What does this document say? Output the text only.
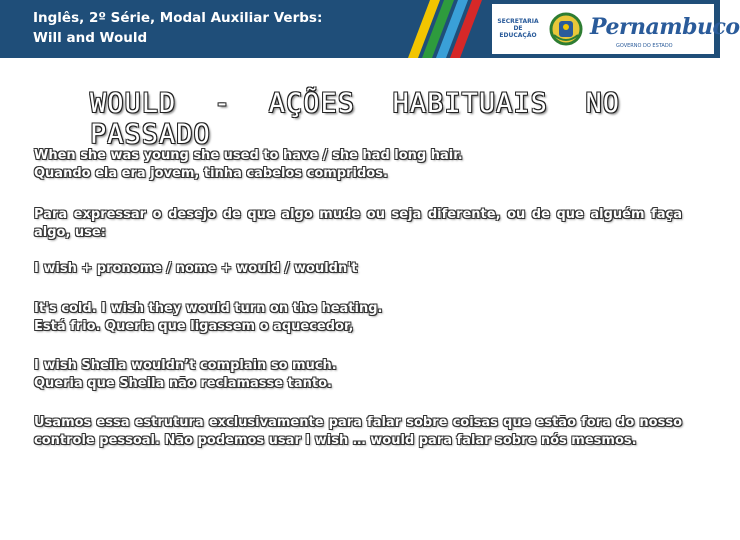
Inglês, 2º Série, Modal Auxiliar Verbs:
Will and Would
SECRETARIA
DE EDUCAÇÃO Pernambuco
GOVERNO DO ESTADO
WOULD - AÇÕES HABITUAIS NO
PASSADO
When she was young she used to have / she had long hair.
Quando ela era jovem, tinha cabelos compridos.
Para expressar o desejo de que algo mude ou seja diferente, ou de que alguém faça algo, use:
I wish + pronome / nome + would / wouldn't
It's cold. I wish they would turn on the heating.
Está frio. Queria que ligassem o aquecedor,
I wish Sheila wouldn’t complain so much.
Queria que Sheila não reclamasse tanto.
Usamos essa estrutura exclusivamente para falar sobre coisas que estão fora do nosso controle pessoal. Não podemos usar I wish … would para falar sobre nós mesmos.
